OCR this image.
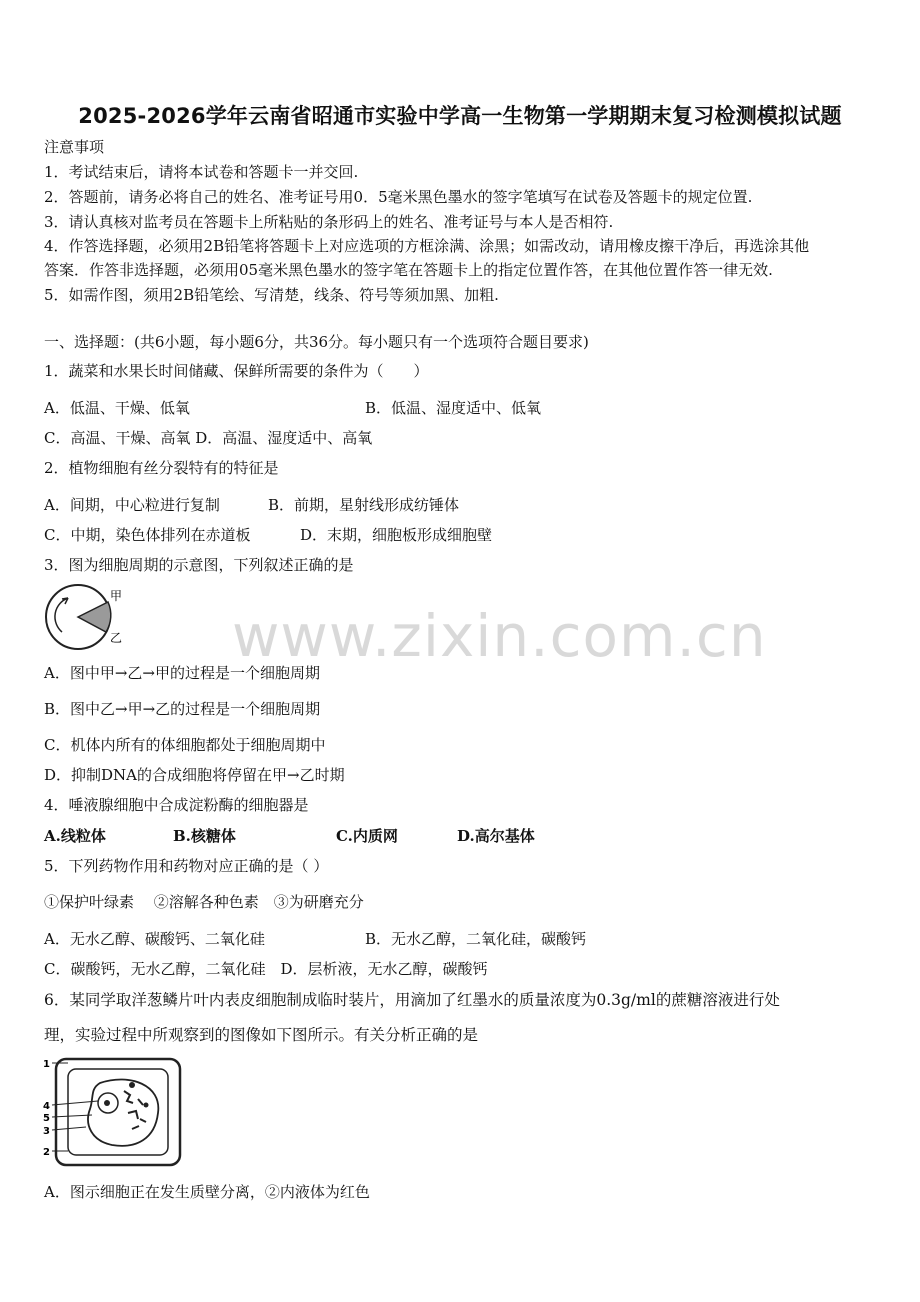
2025-2026学年云南省昭通市实验中学高一生物第一学期期末复习检测模拟试题
注意事项
1．考试结束后，请将本试卷和答题卡一并交回.
2．答题前，请务必将自己的姓名、准考证号用0．5毫米黑色墨水的签字笔填写在试卷及答题卡的规定位置.
3．请认真核对监考员在答题卡上所粘贴的条形码上的姓名、准考证号与本人是否相符.
4．作答选择题，必须用2B铅笔将答题卡上对应选项的方框涂满、涂黑；如需改动，请用橡皮擦干净后，再选涂其他
答案．作答非选择题，必须用05毫米黑色墨水的签字笔在答题卡上的指定位置作答，在其他位置作答一律无效.
5．如需作图，须用2B铅笔绘、写清楚，线条、符号等须加黑、加粗.
一、选择题：(共6小题，每小题6分，共36分。每小题只有一个选项符合题目要求)
1．蔬菜和水果长时间储藏、保鲜所需要的条件为（　　）
A．低温、干燥、低氧	B．低温、湿度适中、低氧
C．高温、干燥、高氧 D．高温、湿度适中、高氧
2．植物细胞有丝分裂特有的特征是
A．间期，中心粒进行复制	B．前期，星射线形成纺锤体
C．中期，染色体排列在赤道板	D．末期，细胞板形成细胞壁
3．图为细胞周期的示意图，下列叙述正确的是
甲
乙
A．图中甲→乙→甲的过程是一个细胞周期
B．图中乙→甲→乙的过程是一个细胞周期
C．机体内所有的体细胞都处于细胞周期中
D．抑制DNA的合成细胞将停留在甲→乙时期
4．唾液腺细胞中合成淀粉酶的细胞器是
A.线粒体	B.核糖体	C.内质网	D.高尔基体
5．下列药物作用和药物对应正确的是（ ）
①保护叶绿素　 ②溶解各种色素　③为研磨充分
A．无水乙醇、碳酸钙、二氧化硅	B．无水乙醇，二氧化硅，碳酸钙
C．碳酸钙，无水乙醇，二氧化硅　D．层析液，无水乙醇，碳酸钙
6．某同学取洋葱鳞片叶内表皮细胞制成临时装片，用滴加了红墨水的质量浓度为0.3g/ml的蔗糖溶液进行处
理，实验过程中所观察到的图像如下图所示。有关分析正确的是
1
4
5
3
2
A．图示细胞正在发生质壁分离，②内液体为红色
www.zixin.com.cn
